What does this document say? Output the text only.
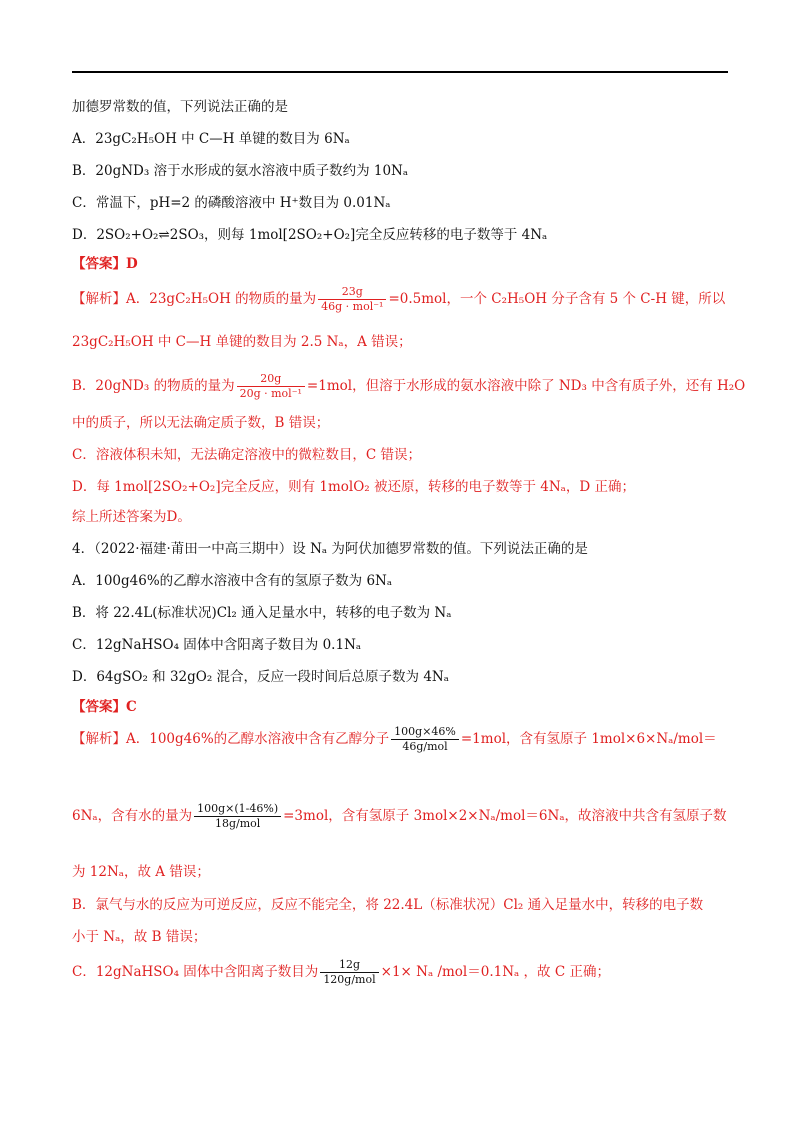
加德罗常数的值，下列说法正确的是
A．23gC₂H₅OH 中 C—H 单键的数目为 6Nₐ
B．20gND₃ 溶于水形成的氨水溶液中质子数约为 10Nₐ
C．常温下，pH=2 的磷酸溶液中 H⁺数目为 0.01Nₐ
D．2SO₂+O₂⇌2SO₃，则每 1mol[2SO₂+O₂]完全反应转移的电子数等于 4Nₐ
【答案】D
【解析】A．23gC₂H₅OH 的物质的量为 $\frac{23g}{\text{46g · mol⁻¹}} =0.5mol$，一个 C₂H₅OH 分子含有 5 个 C-H 键，所以
23gC₂H₅OH 中 C—H 单键的数目为 2.5 Nₐ，A 错误；
B．20gND₃ 的物质的量为 $\frac{20g}{\text{20g · mol⁻¹}} =1mol$，但溶于水形成的氨水溶液中除了 ND₃ 中含有质子外，还有 H₂O
中的质子，所以无法确定质子数，B 错误；
C．溶液体积未知，无法确定溶液中的微粒数目，C 错误；
D．每 1mol[2SO₂+O₂]完全反应，则有 1molO₂ 被还原，转移的电子数等于 4Nₐ，D 正确；
综上所述答案为D。
4．（2022·福建·莆田一中高三期中）设 Nₐ 为阿伏加德罗常数的值。下列说法正确的是
A．100g46%的乙醇水溶液中含有的氢原子数为 6Nₐ
B．将 22.4L(标准状况)Cl₂ 通入足量水中，转移的电子数为 Nₐ
C．12gNaHSO₄ 固体中含阳离子数目为 0.1Nₐ
D．64gSO₂ 和 32gO₂ 混合，反应一段时间后总原子数为 4Nₐ
【答案】C
【解析】A．100g46%的乙醇水溶液中含有乙醇分子 $\frac{100g\times 46\%}{\text{46g/mol}} =1mol$，含有氢原子 1mol×6×Nₐ/mol＝
6Nₐ，含有水的量为 $\frac{100g\times(1-46\%)}{\text{18g/mol}} =3mol$，含有氢原子 3mol×2×Nₐ/mol＝6Nₐ，故溶液中共含有氢原子数
为 12Nₐ，故 A 错误；
B．氯气与水的反应为可逆反应，反应不能完全，将 22.4L（标准状况）Cl₂ 通入足量水中，转移的电子数
小于 Nₐ，故 B 错误；
C．12gNaHSO₄ 固体中含阳离子数目为 $\frac{12g}{\text{120g/mol}} \times 1\times N_a$ /mol＝0.1Nₐ ，故 C 正确；
